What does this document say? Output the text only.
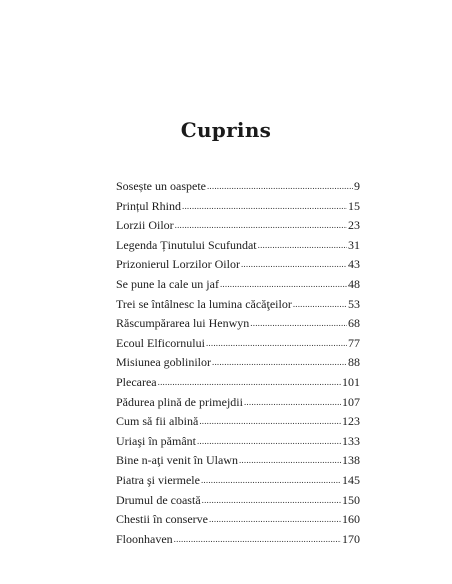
Cuprins
Sosește un oaspete .....	9
Prințul Rhind .....	15
Lorzii Oilor .....	23
Legenda Ținutului Scufundat .....	31
Prizonierul Lorzilor Oilor .....	43
Se pune la cale un jaf .....	48
Trei se întâlnesc la lumina căcăţeilor .....	53
Răscumpărarea lui Henwyn .....	68
Ecoul Elficornului .....	77
Misiunea goblinilor .....	88
Plecarea .....	101
Pădurea plină de primejdii .....	107
Cum să fii albină .....	123
Uriaşi în pământ .....	133
Bine n-aţi venit în Ulawn .....	138
Piatra şi viermele .....	145
Drumul de coastă .....	150
Chestii în conserve .....	160
Floonhaven .....	170
